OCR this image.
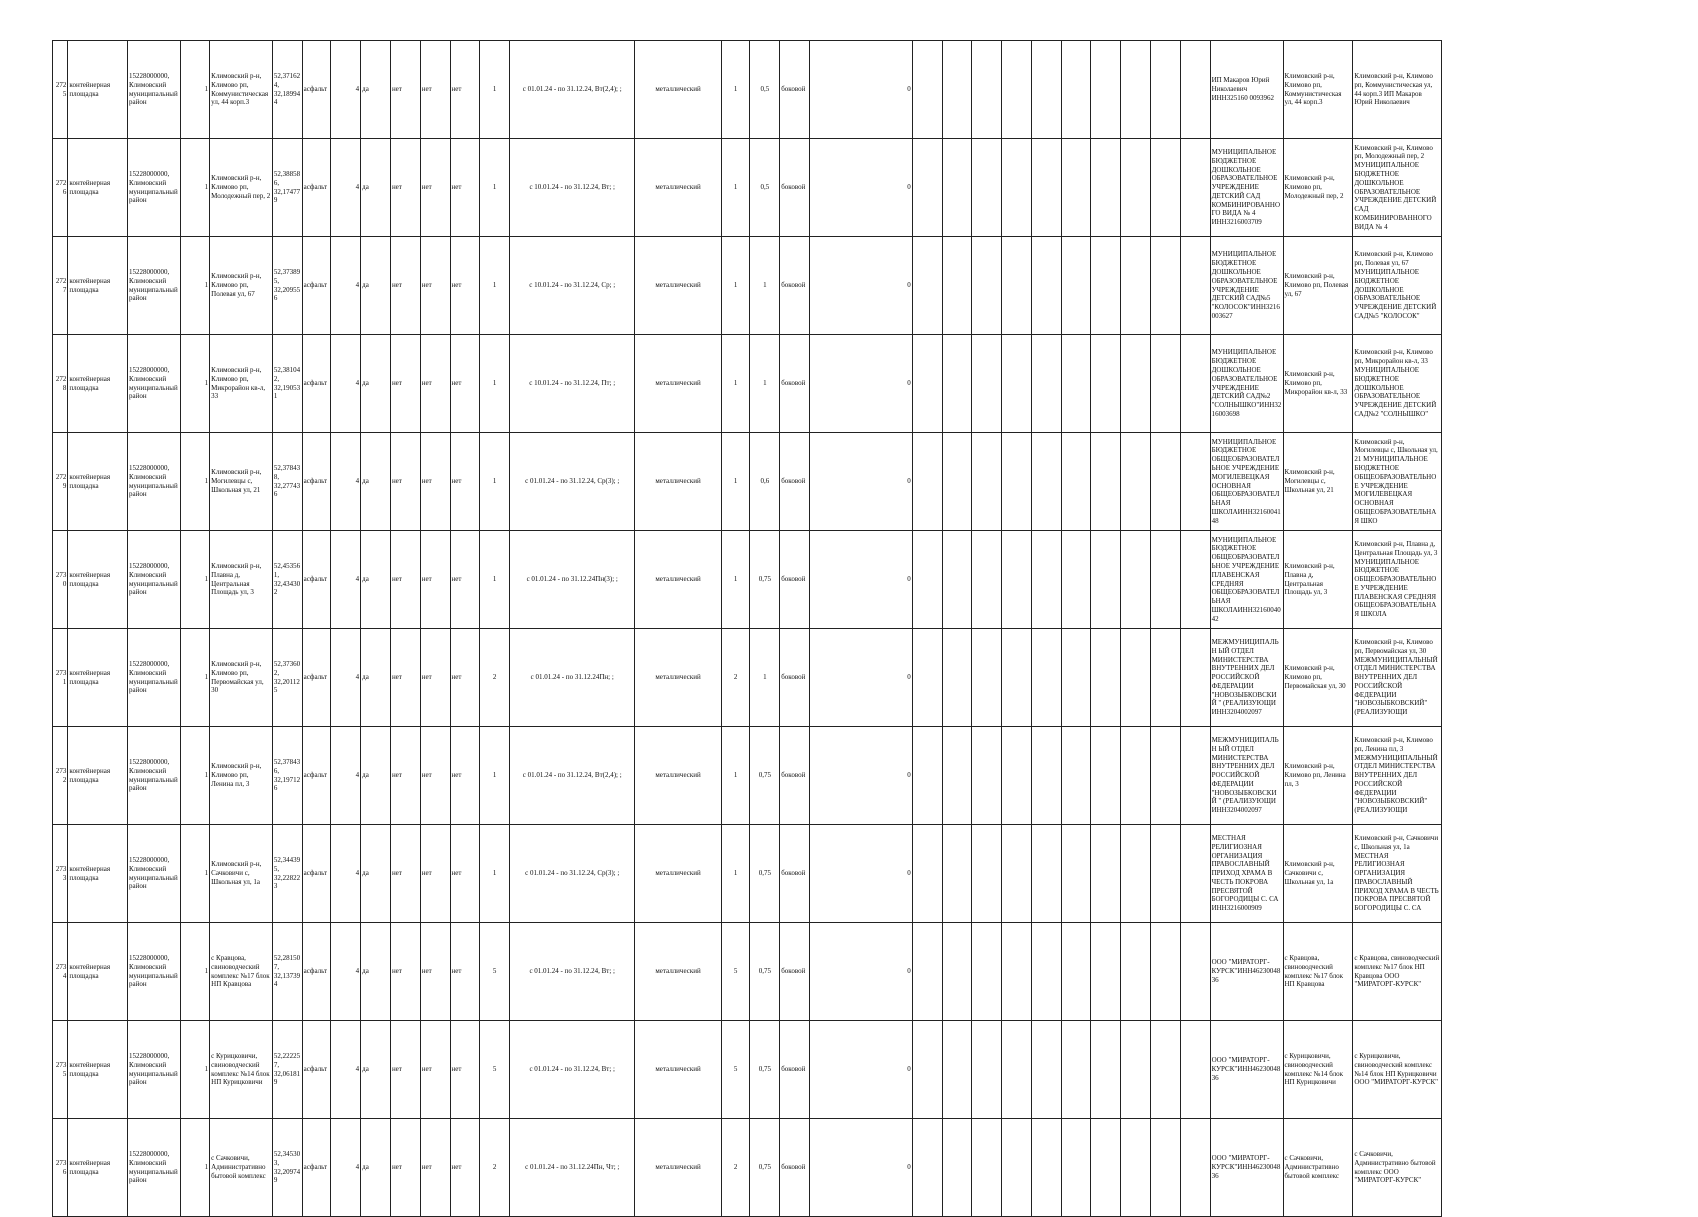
2725	контейнерная площадка	15228000000, Климовский муниципальный район	1	Климовский р-н, Климово рп, Коммунистическая ул, 44 корп.3	52,37162 4, 32,18994 4	асфальт	4	да	нет	нет	нет	1	с 01.01.24 - по 31.12.24, Вт(2,4); ;	металлический	1	0,5	боковой	0											ИП Макаров Юрий Николаевич ИНН325160 0093962	Климовский р-н, Климово рп, Коммунистическая ул, 44 корп.3	Климовский р-н, Климово рп, Коммунистическая ул, 44 корп.3 ИП Макаров Юрий Николаевич
2726	контейнерная площадка	15228000000, Климовский муниципальный район	1	Климовский р-н, Климово рп, Молодежный пер, 2	52,38858 6, 32,17477 9	асфальт	4	да	нет	нет	нет	1	с 10.01.24 - по 31.12.24, Вт; ;	металлический	1	0,5	боковой	0											МУНИЦИПАЛЬНОЕ БЮДЖЕТНОЕ ДОШКОЛЬНОЕ ОБРАЗОВАТЕЛЬНОЕ УЧРЕЖДЕНИЕ ДЕТСКИЙ САД КОМБИНИРОВАННО ГО ВИДА № 4 ИНН3216003709	Климовский р-н, Климово рп, Молодежный пер, 2	Климовский р-н, Климово рп, Молодежный пер, 2 МУНИЦИПАЛЬНОЕ БЮДЖЕТНОЕ ДОШКОЛЬНОЕ ОБРАЗОВАТЕЛЬНОЕ УЧРЕЖДЕНИЕ ДЕТСКИЙ САД КОМБИНИРОВАННОГО ВИДА № 4
2727	контейнерная площадка	15228000000, Климовский муниципальный район	1	Климовский р-н, Климово рп, Полевая ул, 67	52,37389 5, 32,20955 6	асфальт	4	да	нет	нет	нет	1	с 10.01.24 - по 31.12.24, Ср; ;	металлический	1	1	боковой	0											МУНИЦИПАЛЬНОЕ БЮДЖЕТНОЕ ДОШКОЛЬНОЕ ОБРАЗОВАТЕЛЬНОЕ УЧРЕЖДЕНИЕ ДЕТСКИЙ САД№5 "КОЛОСОК"ИНН3216 003627	Климовский р-н, Климово рп, Полевая ул, 67	Климовский р-н, Климово рп, Полевая ул, 67 МУНИЦИПАЛЬНОЕ БЮДЖЕТНОЕ ДОШКОЛЬНОЕ ОБРАЗОВАТЕЛЬНОЕ УЧРЕЖДЕНИЕ ДЕТСКИЙ САД№5 "КОЛОСОК"
2728	контейнерная площадка	15228000000, Климовский муниципальный район	1	Климовский р-н, Климово рп, Микрорайон кв-л, 33	52,38104 2, 32,19053 1	асфальт	4	да	нет	нет	нет	1	с 10.01.24 - по 31.12.24, Пт; ;	металлический	1	1	боковой	0											МУНИЦИПАЛЬНОЕ БЮДЖЕТНОЕ ДОШКОЛЬНОЕ ОБРАЗОВАТЕЛЬНОЕ УЧРЕЖДЕНИЕ ДЕТСКИЙ САД№2 "СОЛНЫШКО"ИНН32 16003698	Климовский р-н, Климово рп, Микрорайон кв-л, 33	Климовский р-н, Климово рп, Микрорайон кв-л, 33 МУНИЦИПАЛЬНОЕ БЮДЖЕТНОЕ ДОШКОЛЬНОЕ ОБРАЗОВАТЕЛЬНОЕ УЧРЕЖДЕНИЕ ДЕТСКИЙ САД№2 "СОЛНЫШКО"
2729	контейнерная площадка	15228000000, Климовский муниципальный район	1	Климовский р-н, Могилевцы с, Школьная ул, 21	52,37843 8, 32,27743 6	асфальт	4	да	нет	нет	нет	1	с 01.01.24 - по 31.12.24, Ср(3); ;	металлический	1	0,6	боковой	0											МУНИЦИПАЛЬНОЕ БЮДЖЕТНОЕ ОБЩЕОБРАЗОВАТЕЛ ЬНОЕ УЧРЕЖДЕНИЕ МОГИЛЕВЕЦКАЯ ОСНОВНАЯ ОБЩЕОБРАЗОВАТЕЛ ЬНАЯ ШКОЛАИНН3216004148	Климовский р-н, Могилевцы с, Школьная ул, 21	Климовский р-н, Могилевцы с, Школьная ул, 21 МУНИЦИПАЛЬНОЕ БЮДЖЕТНОЕ ОБЩЕОБРАЗОВАТЕЛЬНО Е УЧРЕЖДЕНИЕ МОГИЛЕВЕЦКАЯ ОСНОВНАЯ ОБЩЕОБРАЗОВАТЕЛЬНА Я ШКО
2730	контейнерная площадка	15228000000, Климовский муниципальный район	1	Климовский р-н, Плавна д, Центральная Площадь ул, 3	52,45356 1, 32,43430 2	асфальт	4	да	нет	нет	нет	1	с 01.01.24 - по 31.12.24Пн(3); ;	металлический	1	0,75	боковой	0											МУНИЦИПАЛЬНОЕ БЮДЖЕТНОЕ ОБЩЕОБРАЗОВАТЕЛ ЬНОЕ УЧРЕЖДЕНИЕ ПЛАВЕНСКАЯ СРЕДНЯЯ ОБЩЕОБРАЗОВАТЕЛ ЬНАЯ ШКОЛАИНН32160040 42	Климовский р-н, Плавна д, Центральная Площадь ул, 3	Климовский р-н, Плавна д, Центральная Площадь ул, 3 МУНИЦИПАЛЬНОЕ БЮДЖЕТНОЕ ОБЩЕОБРАЗОВАТЕЛЬНО Е УЧРЕЖДЕНИЕ ПЛАВЕНСКАЯ СРЕДНЯЯ ОБЩЕОБРАЗОВАТЕЛЬНА Я ШКОЛА
2731	контейнерная площадка	15228000000, Климовский муниципальный район	1	Климовский р-н, Климово рп, Первомайская ул, 30	52,37360 2, 32,20112 5	асфальт	4	да	нет	нет	нет	2	с 01.01.24 - по 31.12.24Пн; ;	металлический	2	1	боковой	0											МЕЖМУНИЦИПАЛЬН ЫЙ ОТДЕЛ МИНИСТЕРСТВА ВНУТРЕННИХ ДЕЛ РОССИЙСКОЙ ФЕДЕРАЦИИ "НОВОЗЫБКОВСКИЙ " (РЕАЛИЗУЮЩИ ИНН3204002097	Климовский р-н, Климово рп, Первомайская ул, 30	Климовский р-н, Климово рп, Первомайская ул, 30 МЕЖМУНИЦИПАЛЬНЫЙ ОТДЕЛ МИНИСТЕРСТВА ВНУТРЕННИХ ДЕЛ РОССИЙСКОЙ ФЕДЕРАЦИИ "НОВОЗЫБКОВСКИЙ" (РЕАЛИЗУЮЩИ
2732	контейнерная площадка	15228000000, Климовский муниципальный район	1	Климовский р-н, Климово рп, Ленина пл, 3	52,37843 6, 32,19712 6	асфальт	4	да	нет	нет	нет	1	с 01.01.24 - по 31.12.24, Вт(2,4); ;	металлический	1	0,75	боковой	0											МЕЖМУНИЦИПАЛЬН ЫЙ ОТДЕЛ МИНИСТЕРСТВА ВНУТРЕННИХ ДЕЛ РОССИЙСКОЙ ФЕДЕРАЦИИ "НОВОЗЫБКОВСКИЙ " (РЕАЛИЗУЮЩИ ИНН3204002097	Климовский р-н, Климово рп, Ленина пл, 3	Климовский р-н, Климово рп, Ленина пл, 3 МЕЖМУНИЦИПАЛЬНЫЙ ОТДЕЛ МИНИСТЕРСТВА ВНУТРЕННИХ ДЕЛ РОССИЙСКОЙ ФЕДЕРАЦИИ "НОВОЗЫБКОВСКИЙ" (РЕАЛИЗУЮЩИ
2733	контейнерная площадка	15228000000, Климовский муниципальный район	1	Климовский р-н, Сачковичи с, Школьная ул, 1а	52,34439 5, 32,22822 3	асфальт	4	да	нет	нет	нет	1	с 01.01.24 - по 31.12.24, Ср(3); ;	металлический	1	0,75	боковой	0											МЕСТНАЯ РЕЛИГИОЗНАЯ ОРГАНИЗАЦИЯ ПРАВОСЛАВНЫЙ ПРИХОД ХРАМА В ЧЕСТЬ ПОКРОВА ПРЕСВЯТОЙ БОГОРОДИЦЫ С. СА ИНН3216000909	Климовский р-н, Сачковичи с, Школьная ул, 1а	Климовский р-н, Сачковичи с, Школьная ул, 1а МЕСТНАЯ РЕЛИГИОЗНАЯ ОРГАНИЗАЦИЯ ПРАВОСЛАВНЫЙ ПРИХОД ХРАМА В ЧЕСТЬ ПОКРОВА ПРЕСВЯТОЙ БОГОРОДИЦЫ С. СА
2734	контейнерная площадка	15228000000, Климовский муниципальный район	1	с Кравцова, свиноводческий комплекс №17 блок НП Кравцова	52,28150 7, 32,13739 4	асфальт	4	да	нет	нет	нет	5	с 01.01.24 - по 31.12.24, Вт; ;	металлический	5	0,75	боковой	0											ООО "МИРАТОРГ-КУРСК"ИНН46230048 36	с Кравцова, свиноводческий комплекс №17 блок НП Кравцова	с Кравцова, свиноводческий комплекс №17 блок НП Кравцова ООО "МИРАТОРГ-КУРСК"
2735	контейнерная площадка	15228000000, Климовский муниципальный район	1	с Курицковичи, свиноводческий комплекс №14 блок НП Курицковичи	52,22225 7, 32,06181 9	асфальт	4	да	нет	нет	нет	5	с 01.01.24 - по 31.12.24, Вт; ;	металлический	5	0,75	боковой	0											ООО "МИРАТОРГ-КУРСК"ИНН46230048 36	с Курицковичи, свиноводческий комплекс №14 блок НП Курицковичи	с Курицковичи, свиноводческий комплекс №14 блок НП Курицковичи ООО "МИРАТОРГ-КУРСК"
2736	контейнерная площадка	15228000000, Климовский муниципальный район	1	с Сачковичи, Административно бытовой комплекс	52,34530 3, 32,20974 9	асфальт	4	да	нет	нет	нет	2	с 01.01.24 - по 31.12.24Пн, Чт; ;	металлический	2	0,75	боковой	0											ООО "МИРАТОРГ-КУРСК"ИНН46230048 36	с Сачковичи, Административно бытовой комплекс	с Сачковичи, Административно бытовой комплекс ООО "МИРАТОРГ-КУРСК"
